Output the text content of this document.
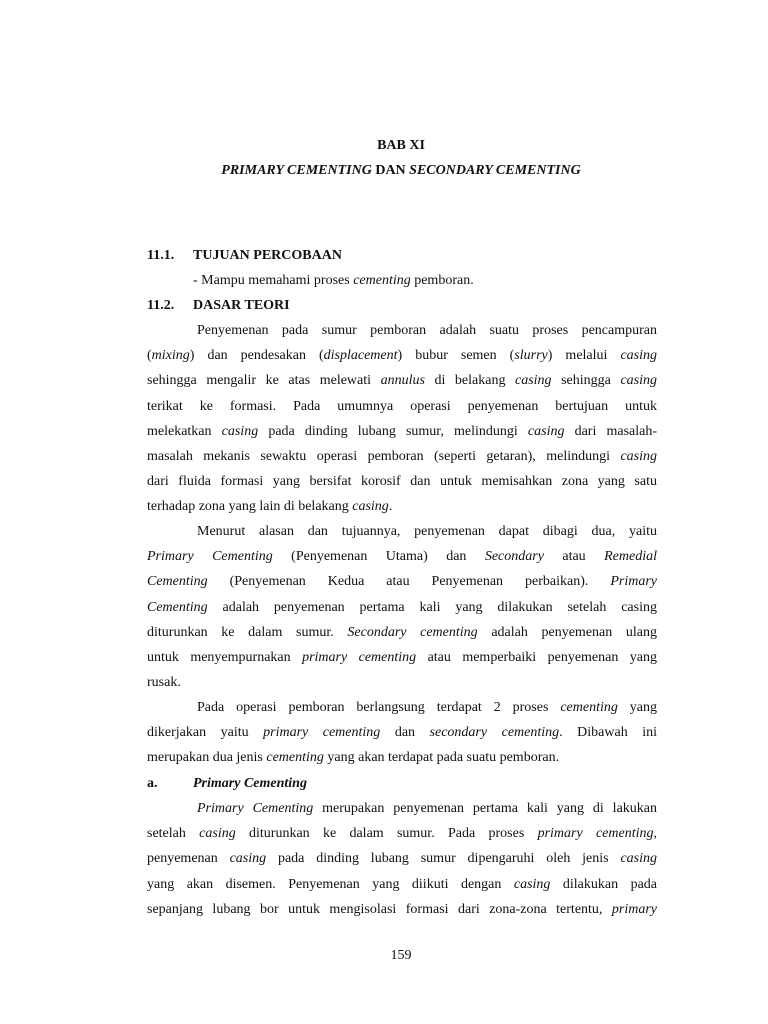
BAB XI
PRIMARY CEMENTING DAN SECONDARY CEMENTING
11.1. TUJUAN PERCOBAAN
- Mampu memahami proses cementing pemboran.
11.2. DASAR TEORI
Penyemenan pada sumur pemboran adalah suatu proses pencampuran
(mixing) dan pendesakan (displacement) bubur semen (slurry) melalui casing
sehingga mengalir ke atas melewati annulus di belakang casing sehingga casing
terikat ke formasi. Pada umumnya operasi penyemenan bertujuan untuk
melekatkan casing pada dinding lubang sumur, melindungi casing dari masalah-
masalah mekanis sewaktu operasi pemboran (seperti getaran), melindungi casing
dari fluida formasi yang bersifat korosif dan untuk memisahkan zona yang satu
terhadap zona yang lain di belakang casing.
Menurut alasan dan tujuannya, penyemenan dapat dibagi dua, yaitu
Primary Cementing (Penyemenan Utama) dan Secondary atau Remedial
Cementing (Penyemenan Kedua atau Penyemenan perbaikan). Primary
Cementing adalah penyemenan pertama kali yang dilakukan setelah casing
diturunkan ke dalam sumur. Secondary cementing adalah penyemenan ulang
untuk menyempurnakan primary cementing atau memperbaiki penyemenan yang
rusak.
Pada operasi pemboran berlangsung terdapat 2 proses cementing yang
dikerjakan yaitu primary cementing dan secondary cementing. Dibawah ini
merupakan dua jenis cementing yang akan terdapat pada suatu pemboran.
a.	Primary Cementing
Primary Cementing merupakan penyemenan pertama kali yang di lakukan
setelah casing diturunkan ke dalam sumur. Pada proses primary cementing,
penyemenan casing pada dinding lubang sumur dipengaruhi oleh jenis casing
yang akan disemen. Penyemenan yang diikuti dengan casing dilakukan pada
sepanjang lubang bor untuk mengisolasi formasi dari zona-zona tertentu, primary
159
